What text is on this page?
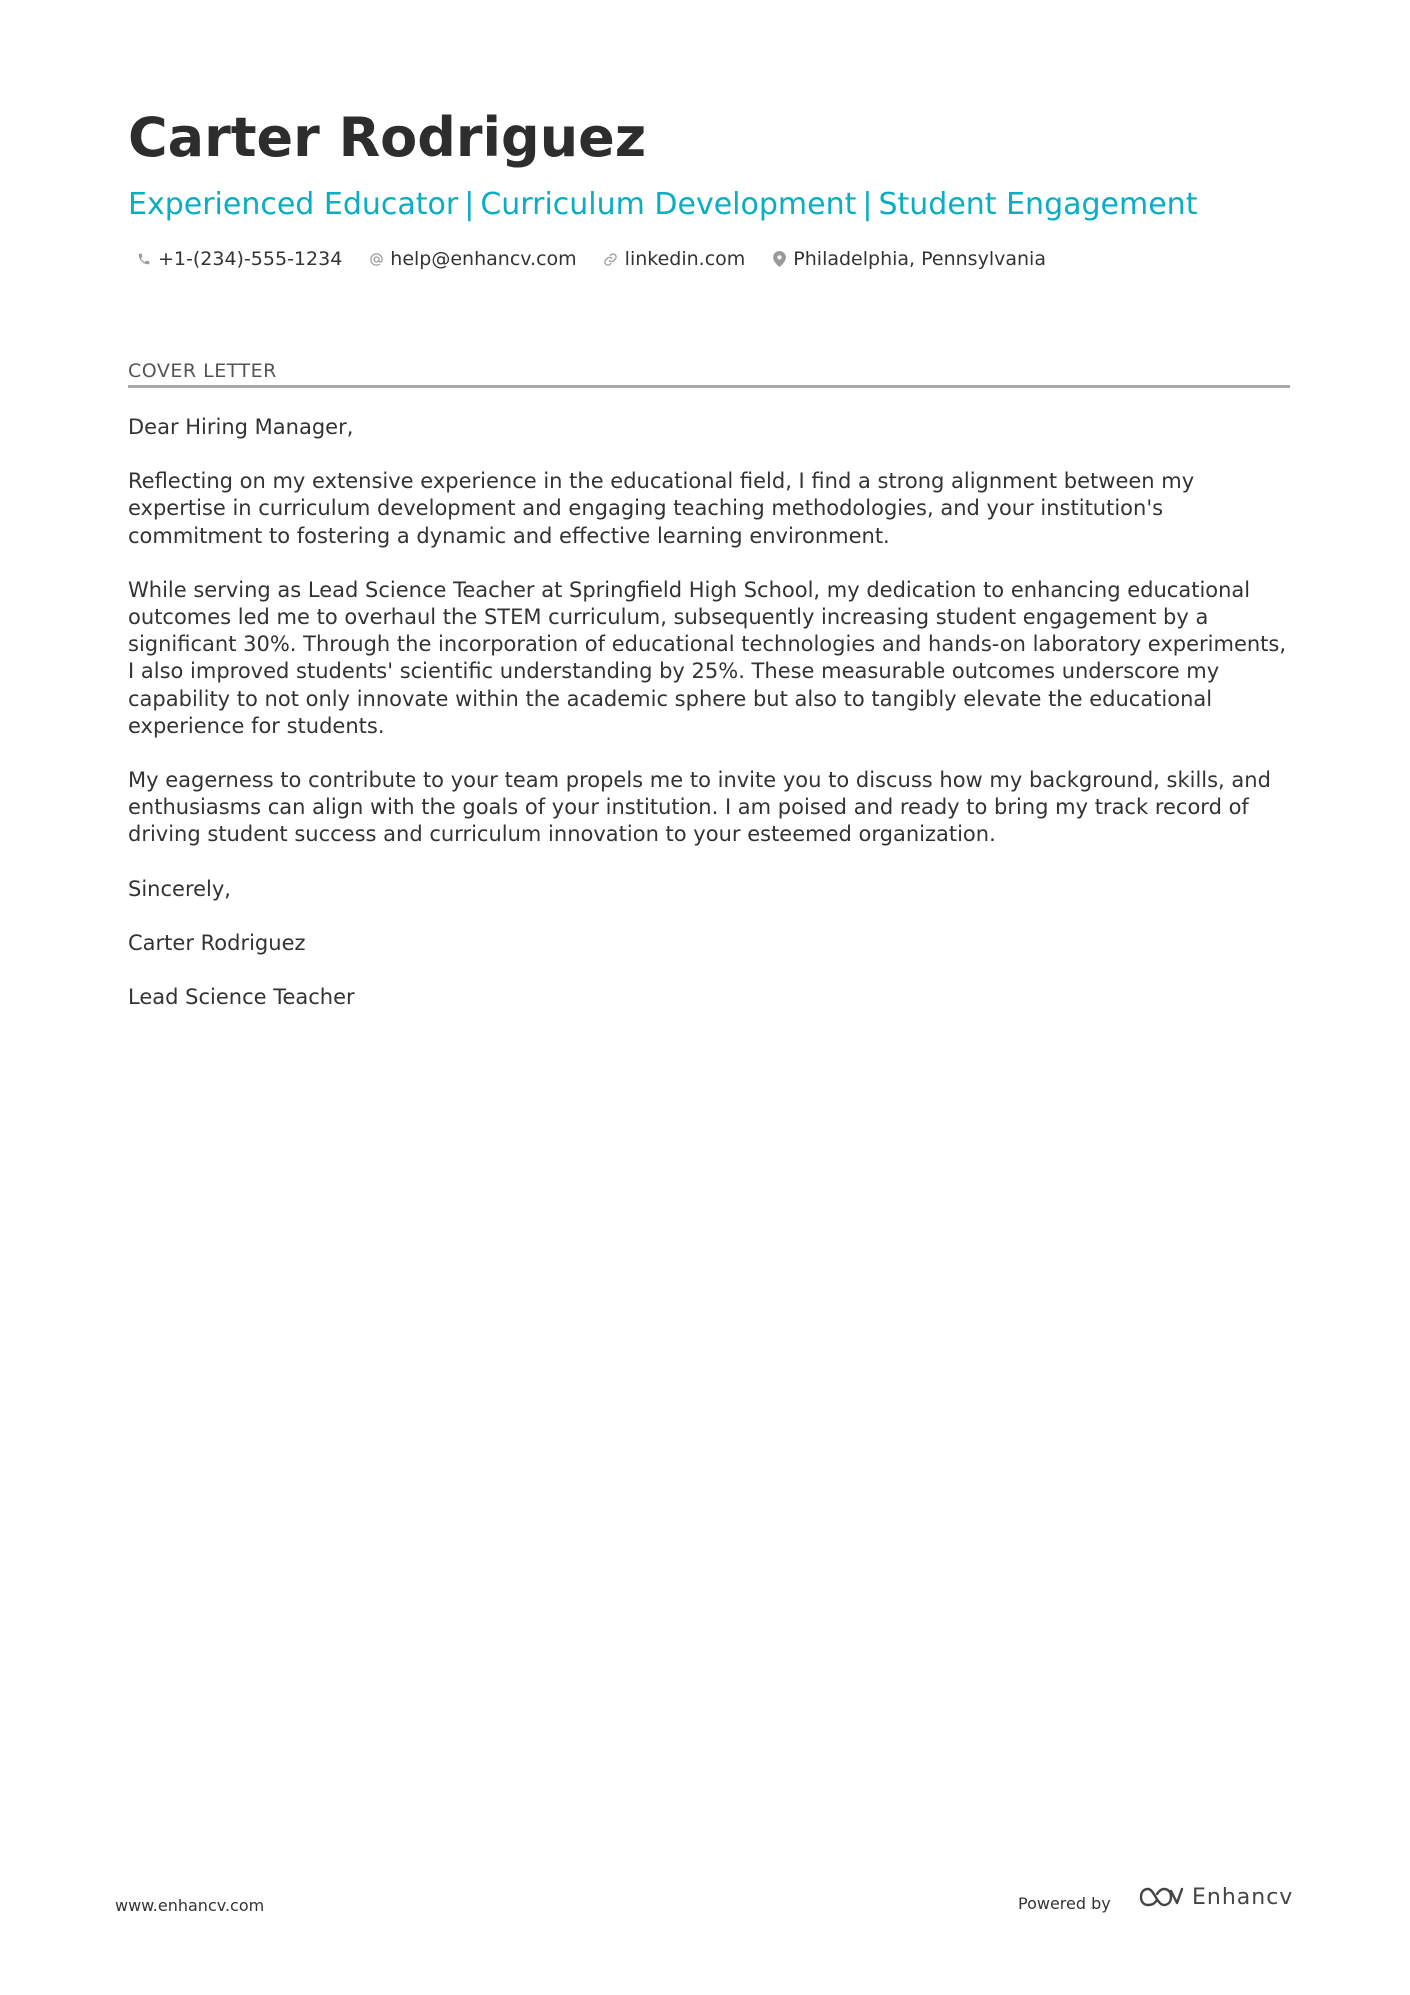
Carter Rodriguez
Experienced Educator | Curriculum Development | Student Engagement
+1-(234)-555-1234	help@enhancv.com	linkedin.com	Philadelphia, Pennsylvania
COVER LETTER

Dear Hiring Manager,

Reflecting on my extensive experience in the educational field, I find a strong alignment between my expertise in curriculum development and engaging teaching methodologies, and your institution's commitment to fostering a dynamic and effective learning environment.

While serving as Lead Science Teacher at Springfield High School, my dedication to enhancing educational outcomes led me to overhaul the STEM curriculum, subsequently increasing student engagement by a significant 30%. Through the incorporation of educational technologies and hands-on laboratory experiments, I also improved students' scientific understanding by 25%. These measurable outcomes underscore my capability to not only innovate within the academic sphere but also to tangibly elevate the educational experience for students.

My eagerness to contribute to your team propels me to invite you to discuss how my background, skills, and enthusiasms can align with the goals of your institution. I am poised and ready to bring my track record of driving student success and curriculum innovation to your esteemed organization.

Sincerely,

Carter Rodriguez

Lead Science Teacher

www.enhancv.com	Powered by	Enhancv
